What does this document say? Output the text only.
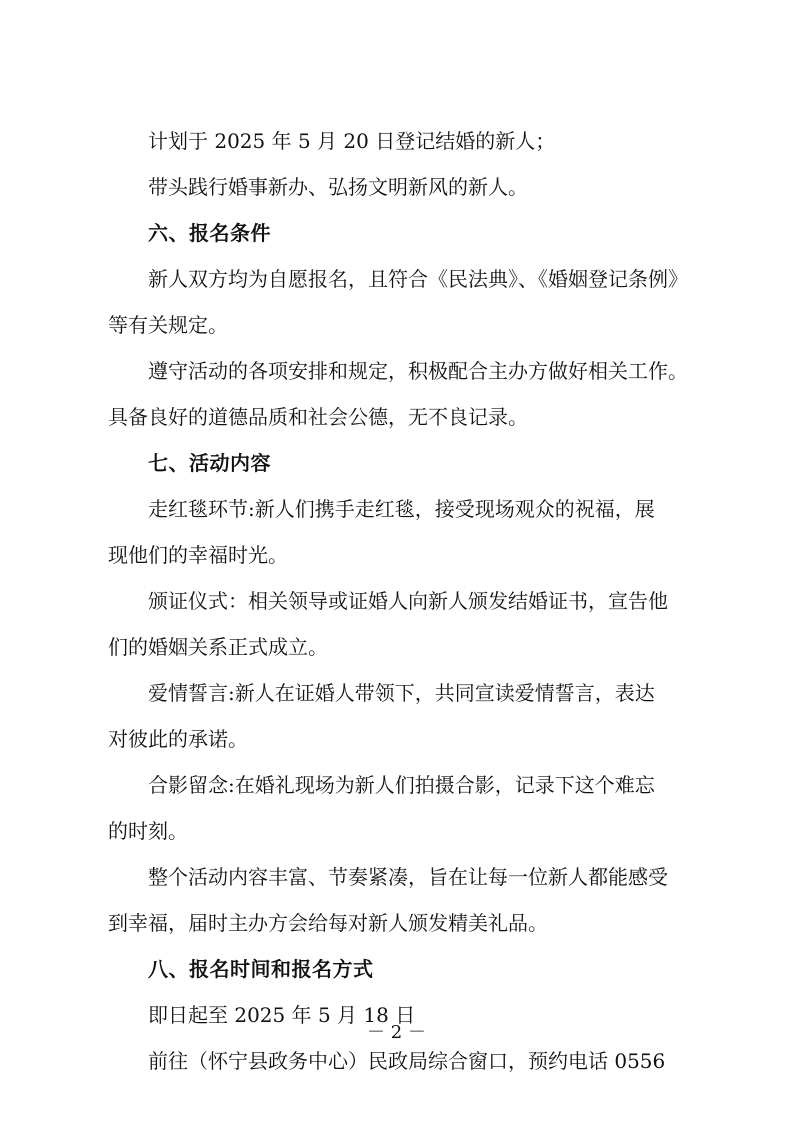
计划于 2025 年 5 月 20 日登记结婚的新人；
带头践行婚事新办、弘扬文明新风的新人。
六、报名条件
新人双方均为自愿报名，且符合《民法典》、《婚姻登记条例》
等有关规定。
遵守活动的各项安排和规定，积极配合主办方做好相关工作。
具备良好的道德品质和社会公德，无不良记录。
七、活动内容
走红毯环节:新人们携手走红毯，接受现场观众的祝福，展
现他们的幸福时光。
颁证仪式：相关领导或证婚人向新人颁发结婚证书，宣告他
们的婚姻关系正式成立。
爱情誓言:新人在证婚人带领下，共同宣读爱情誓言，表达
对彼此的承诺。
合影留念:在婚礼现场为新人们拍摄合影，记录下这个难忘
的时刻。
整个活动内容丰富、节奏紧凑，旨在让每一位新人都能感受
到幸福，届时主办方会给每对新人颁发精美礼品。
八、报名时间和报名方式
即日起至 2025 年 5 月 18 日
前往（怀宁县政务中心）民政局综合窗口，预约电话 0556
－ 2 －
